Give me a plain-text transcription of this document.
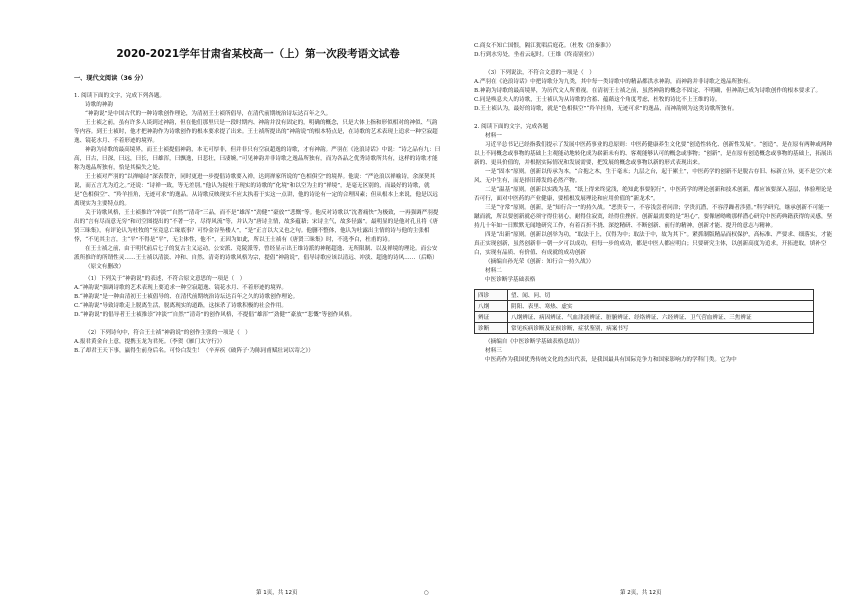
2020-2021学年甘肃省某校高一（上）第一次段考语文试卷
一、现代文阅读（36 分）

1. 阅读下面的文字，完成下列各题。

诗歌的神韵

“神韵说”是中国古代的一种诗歌创作理论，为清初王士祯所倡导，在清代前期统治诗坛达百年之久。

王士祯之前，虽有许多人谈到过神韵，但在他们那里只是一段时期内、神韵并没有固定的，明确的概念，只是大体上指和形似相对的神似、气韵等内容。到王士祯时，他才把神韵作为诗歌创作的根本要求提了出来。王士祯所提出的“神韵说”的根本特点是，在诗歌的艺术表现上追求一种空寂超逸、镜花水月、不着形迹的境界。

神韵为诗歌的最高境界，而王士祯提倡神韵，本无可厚非，但并非只有空寂超逸的诗歌，才有神韵。严羽在《沧浪诗话》中说：“诗之品有九：曰高，曰古，曰深，曰远，曰长，曰雄浑，曰飘逸，曰悲壮，曰凄婉。”可见神韵并非诗歌之逸品所独有，而为各品之优秀诗歌所共有，这样的诗歌才能称为逸品所独有，恰是其偏失之处。

王士祯对严羽的“以禅喻诗”深表赞许，同时更进一步提倡诗歌要入禅，达到禅家所说的“色相俱空”的境界。他说：“严沧浪以禅喻诗，余深契其说，而五言尤为近之。”还说：“诗禅一致，等无差别。”他认为捉柱于现实的诗歌的“化境”和以空为主的“禅境”，是毫无区别的，而最好的诗歌，就是“色相俱空”、“羚羊挂角，无迹可求”的逸品。从诗歌反映现实不应太执着于实这一点讲，他的诗论有一定的合理因素；但从根本上来说，他是以远离现实为主要特点的。

关于诗歌风格，王士祯推许“冲淡”“自然”“清奇”三品，而不是“雄浑”“劲健”“豪放”“悲慨”等。他反对诗歌以“沈著痛快”为极致，一再强调严羽提出的“言有尽而意无穷”和司空图提出的“不著一字，尽得风流”等，并认为“唐诗主情，故多蕴藉；宋诗主气，故多径露”。最明显的是他对孔且将《唐贤三昧集》，有评论认为杜牧的“至竟息亡缘底事？可怜金谷坠楼人”，“是”正言以大义也之句。他删不整体，他认为吐露出主情的诗与他的主张相悖，“不见其主言，主“平”不得是“平”，无主体性，他不”，正因为如此，所以王士祯有《唐贤三昧集》时，不选李白，杜甫的诗。

在王士祯之前，由于明代前后七子的复古主义运动，公安派、竟陵派等，曾经显示出王维诗派的神秘超逸、无所限制、以及禅境的理论。而公安派所推许的所谓性灵……王士祯以清淡、冲和、自然、清奇的诗歌风格为宗，提倡“神韵说”，倡导诗歌应该以清远、冲淡、超逸的诗风……（后略）

（原文有删改）

（1）下列关于“神韵说”的表述，不符合原文意思的一项是（　）

A.“神韵说”强调诗歌的艺术表现上要追求一种空寂超逸、镜花水月、不着形迹的境界。

B.“神韵说”是一种由清初王士祯倡导的、在清代前期统治诗坛达百年之久的诗歌创作理论。

C.“神韵说”导致诗歌走上脱离生活，脱离现实的道路，这抹杀了诗歌积极的社会作用。

D.“神韵说”的倡导者王士祯推崇“冲淡”“自然”“清奇”的创作风格，不提倡“雄浑”“劲健”“豪放”“悲慨”等创作风格。

（2）下列诗句中，符合王士祯“神韵说”的创作主张的一项是（　）

A.报君黄金台上意，提携玉龙为君死。（李贺《雁门太守行》）

B.了却君王天下事，赢得生前身后名。可怜白发生！（辛弃疾《破阵子·为陈同甫赋壮词以寄之》）

C.商女不知亡国恨，隔江犹唱后庭花。（杜牧《泊秦淮》）

D.行到水穷处，坐看云起时。（王维《终南别业》）

（3）下列说法，不符合文意的一项是（　）

A.严羽在《沧浪诗话》中把诗歌分为九类，其中每一类诗歌中的精品都洪水神韵，而神韵并非诗歌之逸品所独有。

B.神韵为诗歌的最高境界，为历代文人所重视。在清初王士祯之前，虽然神韵的概念不固定、不明确，但神韵已成为诗歌创作的根本要求了。

C.同是唤息夫人的诗歌，王士祯认为从诗歌的含蓄、蕴藉这个角度考虑，杜牧的诗比不上王维的诗。

D.王士祯认为，最好的诗歌，就是“色相俱空”“羚羊挂角，无迹可求”的逸品，而神韵则为这类诗歌所独有。

2. 阅读下面的文字，完成各题

材料一

习近平总书记已经指我们提示了发展中医药事业的总原则：中医药健康养生文化要“创造性转化、创新性发展”。“创造”，是在原有两种或两种以上不同概念或事物的基础上主观能动地转化成为崭新未有的、客观能够认可的概念或事物；“创新”，是在原有创造概念或事物的基础上，拓展出新的、更具价值的，并根据实际情况和发展需要，把发展的概念或事物以新的形式表现出来。

一是“固本”原则。创新以传承为本，“合抱之木，生于毫末；九层之台，起于累土”，中医药学的创新不是脱古存旧、标新立异，更不是空穴来风、无中生有，而是择旧薄发的必然产物。

二是“温基”原则。创新以实践为基，“纸上得来终觉浅，绝知此事要躬行”，中医药学的理论创新和技术创新，都应该要深入基层，体验理论是否可行，面对中医药的产业健康，要植根发展理论和应用价值的“新龙术”。

三是“守常”原则。创新，是“知行合一”的持久战。“恶贵专一，不容浅尝者问津；学贵沉潜，不容浮躁者涉猎。”科学研究，继承创新不可能一蹴而就，所以要创新就必须守得住初心，耐得住寂寞，经得住挫折。创新最需要的是“坦心”，要像屠呦呦那样潜心研究中医药典籍获得的灵感，坚持几十年如一日默默无闻地研究工作，有着百折不挠、深挖精研、不断创新、前行的精神，创新才能、提升的意志与精神。

四是“出新”原则。创新以创举为功，“取法于上，仅得为中；取法于中，故为其下”。紧抓制版精品而权保护，高标准、严要求、细落实，才能真正实现创新，虽然创新非一朝一夕可以成功，但每一步的成功，都是中医人都应明白；只要研究主体，以创新高度为追求，开拓进取，填补空白，实现有品质、有价值、有成就的成功创新

（摘编自孙光荣《创新：知行合一持久战》）

材料二

中医诊断学基础表格

四诊	望、闻、问、切
八纲	阴阳、表里、寒热、虚实
辨证	八纲辨证、病因辨证、气血津液辨证、脏腑辨证、经络辨证、六经辨证、卫气营血辨证、三焦辨证
诊断	常见疾病诊断及证候诊断，症状鉴别，病案书写

（摘编自《中医诊断学基础表格总结》）

材料三

中医药作为我国优秀传统文化的杰出代表，是我国最具有国际竞争力和国家影响力的学科门类。它为中

第 1页，共 12页	○	第 2页，共 12页
